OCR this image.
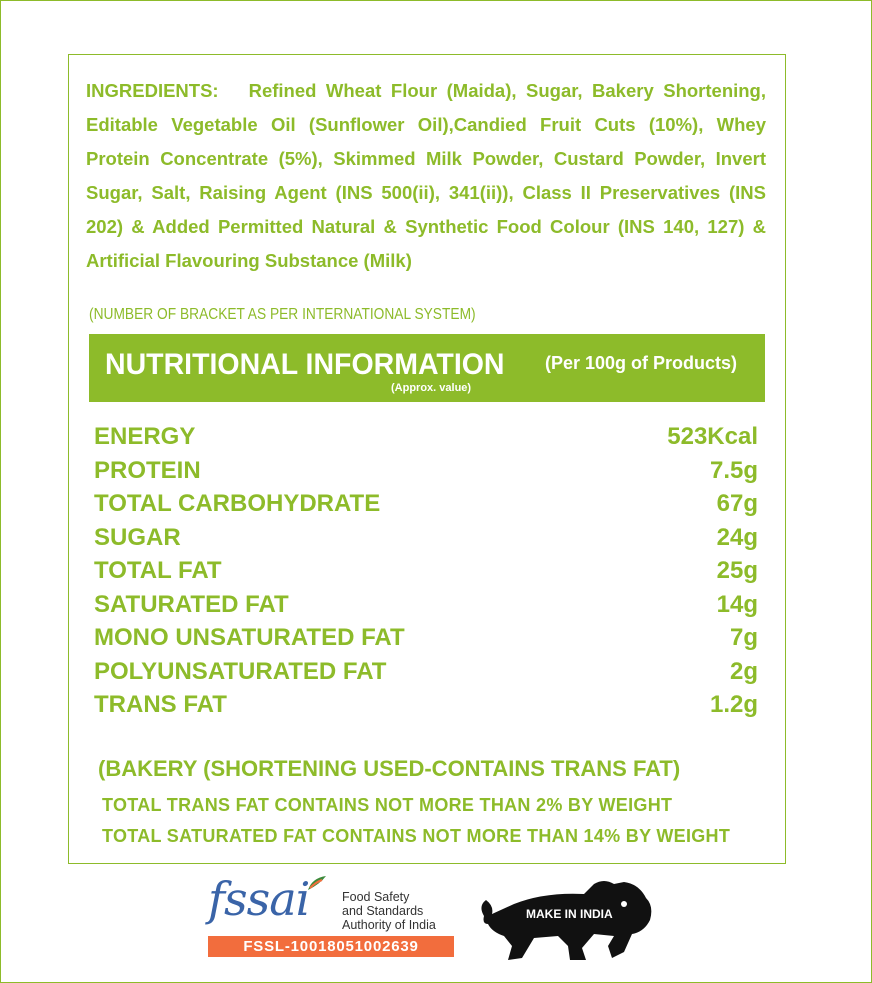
INGREDIENTS: Refined Wheat Flour (Maida), Sugar, Bakery Shortening, Editable Vegetable Oil (Sunflower Oil),Candied Fruit Cuts (10%), Whey Protein Concentrate (5%), Skimmed Milk Powder, Custard Powder, Invert Sugar, Salt, Raising Agent (INS 500(ii), 341(ii)), Class II Preservatives (INS 202) & Added Permitted Natural & Synthetic Food Colour (INS 140, 127) & Artificial Flavouring Substance (Milk)
(NUMBER OF BRACKET AS PER INTERNATIONAL SYSTEM)
NUTRITIONAL INFORMATION (Per 100g of Products)
(Approx. value)
ENERGY	523Kcal
PROTEIN	7.5g
TOTAL CARBOHYDRATE	67g
SUGAR	24g
TOTAL FAT	25g
SATURATED FAT	14g
MONO UNSATURATED FAT	7g
POLYUNSATURATED FAT	2g
TRANS FAT	1.2g
(BAKERY (SHORTENING USED-CONTAINS TRANS FAT)
TOTAL TRANS FAT CONTAINS NOT MORE THAN 2% BY WEIGHT
TOTAL SATURATED FAT CONTAINS NOT MORE THAN 14% BY WEIGHT
fssai	Food Safety
and Standards
Authority of India
FSSL-10018051002639
MAKE IN INDIA
